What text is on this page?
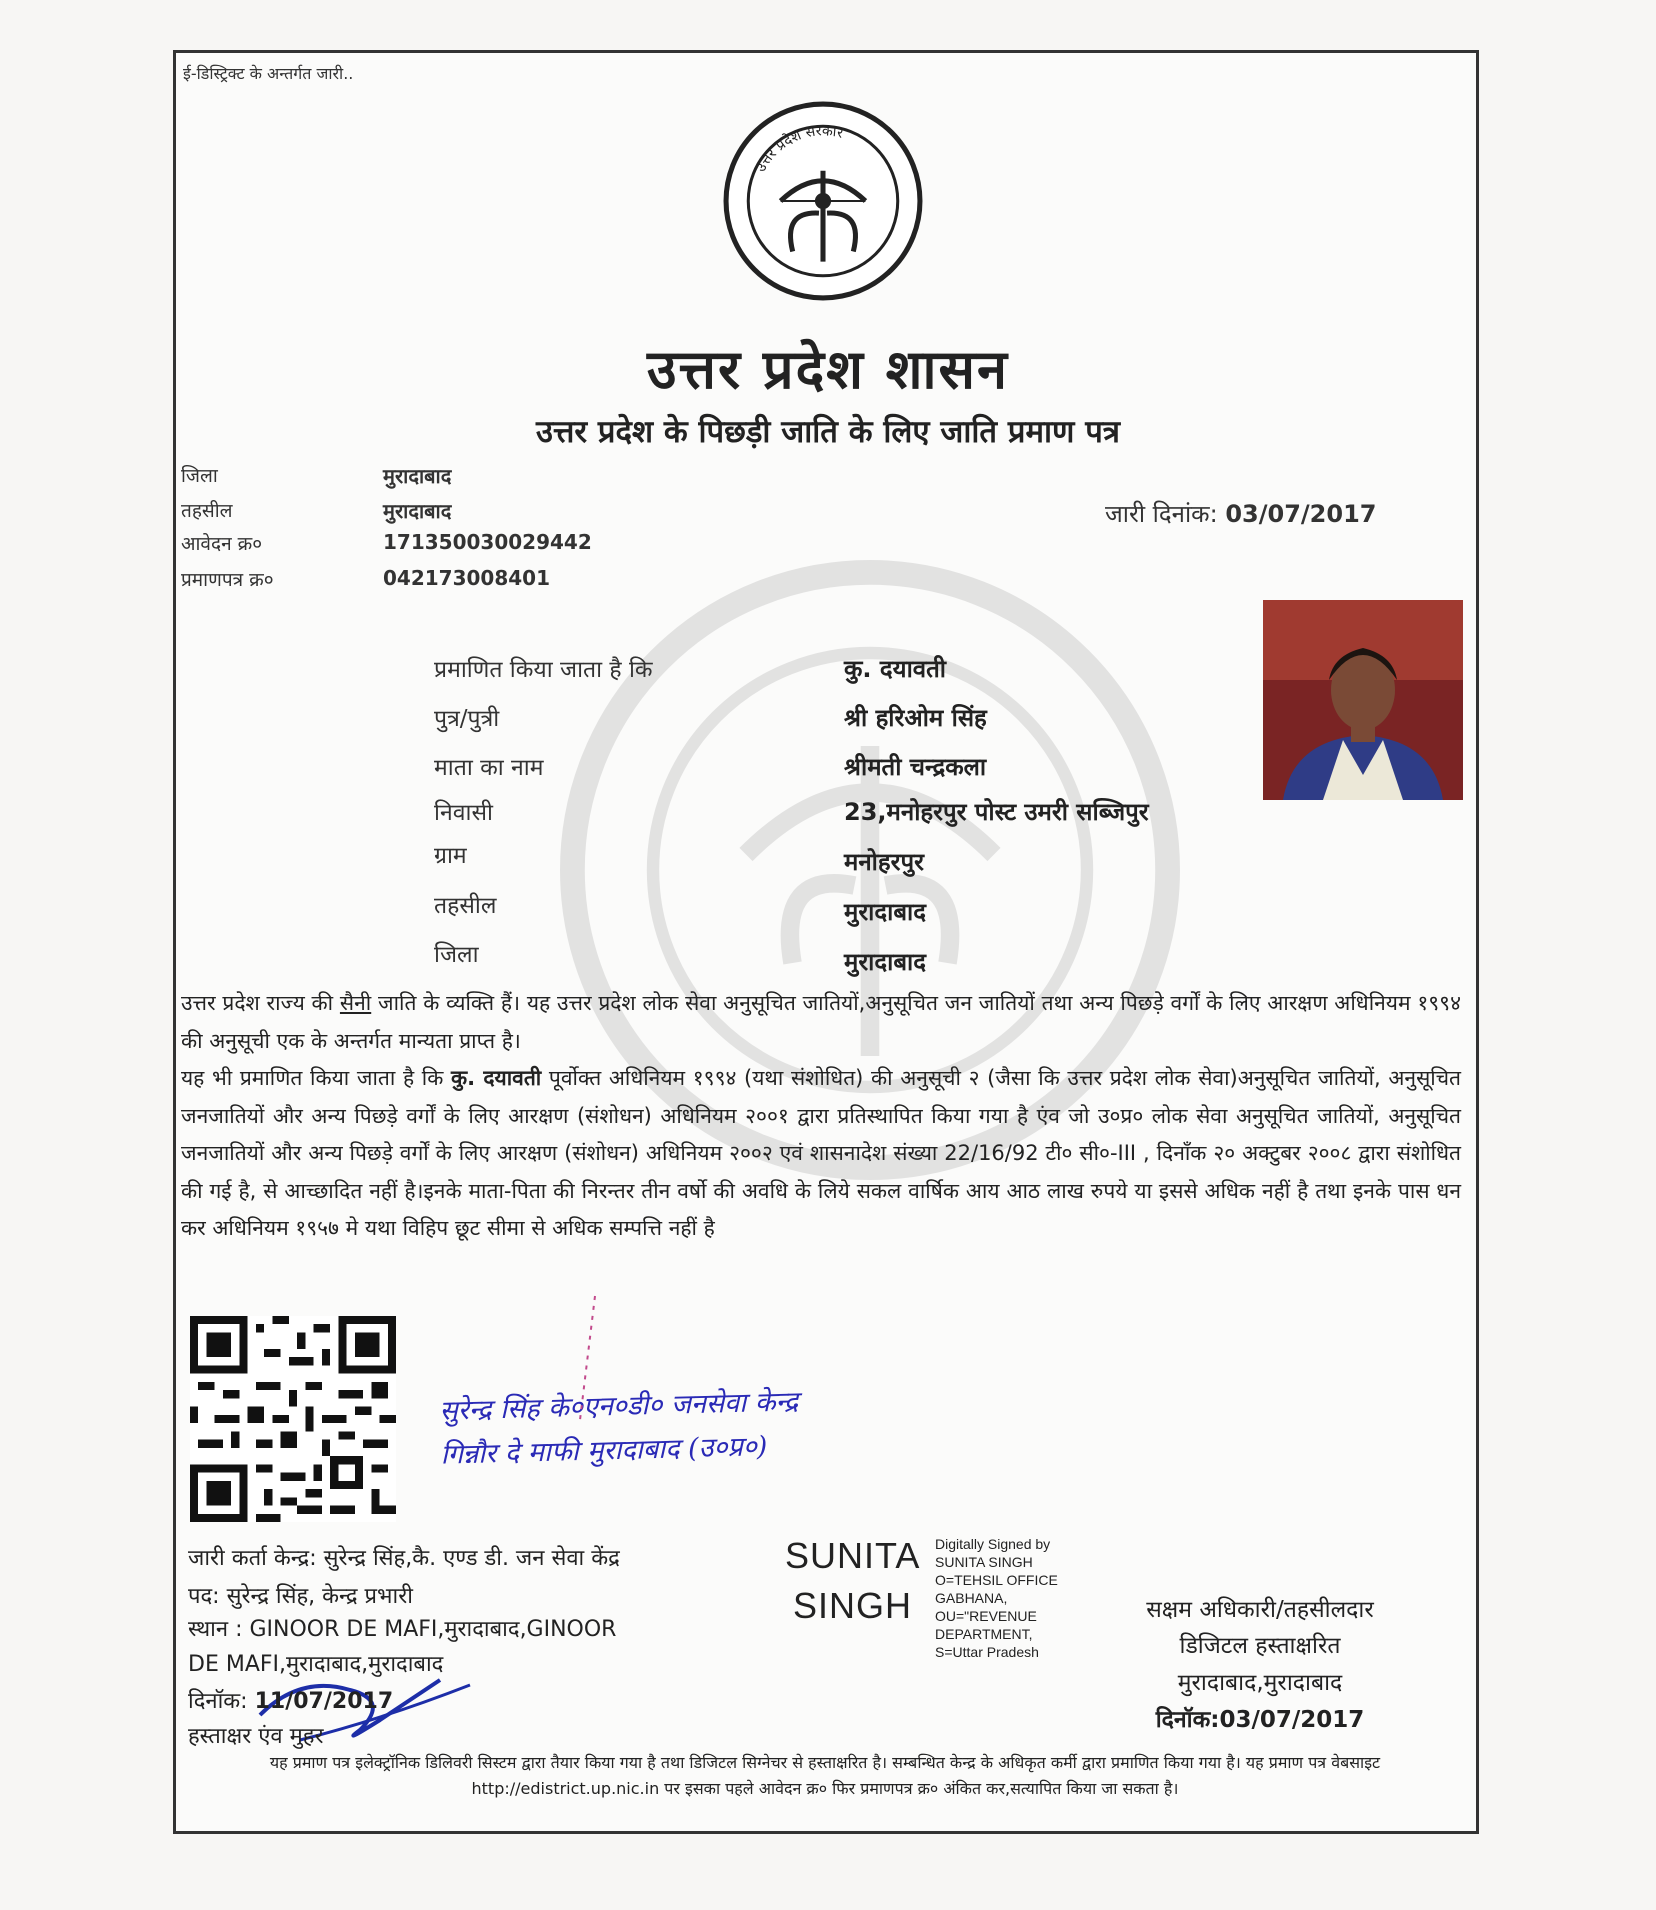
ई-डिस्ट्रिक्ट के अन्तर्गत जारी..
उत्तर प्रदेश सरकार
उत्तर प्रदेश शासन
उत्तर प्रदेश के पिछड़ी जाति के लिए जाति प्रमाण पत्र
जिला	मुरादाबाद
तहसील	मुरादाबाद
आवेदन क्र०	171350030029442
प्रमाणपत्र क्र०	042173008401
जारी दिनांक: 03/07/2017
प्रमाणित किया जाता है कि	कु. दयावती
पुत्र/पुत्री	श्री हरिओम सिंह
माता का नाम	श्रीमती चन्द्रकला
निवासी	23,मनोहरपुर पोस्ट उमरी सब्जिपुर
ग्राम	मनोहरपुर
तहसील	मुरादाबाद
जिला	मुरादाबाद
उत्तर प्रदेश राज्य की सैनी जाति के व्यक्ति हैं। यह उत्तर प्रदेश लोक सेवा अनुसूचित जातियों,अनुसूचित जन जातियों तथा अन्य पिछड़े वर्गों के लिए आरक्षण अधिनियम १९९४ की अनुसूची एक के अन्तर्गत मान्यता प्राप्त है।
यह भी प्रमाणित किया जाता है कि कु. दयावती पूर्वोक्त अधिनियम १९९४ (यथा संशोधित) की अनुसूची २ (जैसा कि उत्तर प्रदेश लोक सेवा)अनुसूचित जातियों, अनुसूचित जनजातियों और अन्य पिछड़े वर्गों के लिए आरक्षण (संशोधन) अधिनियम २००१ द्वारा प्रतिस्थापित किया गया है एंव जो उ०प्र० लोक सेवा अनुसूचित जातियों, अनुसूचित जनजातियों और अन्य पिछड़े वर्गों के लिए आरक्षण (संशोधन) अधिनियम २००२ एवं शासनादेश संख्या 22/16/92 टी० सी०-III , दिनाँक २० अक्टुबर २००८ द्वारा संशोधित की गई है, से आच्छादित नहीं है।इनके माता-पिता की निरन्तर तीन वर्षो की अवधि के लिये सकल वार्षिक आय आठ लाख रुपये या इससे अधिक नहीं है तथा इनके पास धन कर अधिनियम १९५७ मे यथा विहिप छूट सीमा से अधिक सम्पत्ति नहीं है
सुरेन्द्र सिंह के०एन०डी० जनसेवा केन्द्र
गिन्नौर दे माफी मुरादाबाद (उ०प्र०)
जारी कर्ता केन्द्र: सुरेन्द्र सिंह,कै. एण्ड डी. जन सेवा केंद्र
पद: सुरेन्द्र सिंह, केन्द्र प्रभारी
स्थान : GINOOR DE MAFI,मुरादाबाद,GINOOR
DE MAFI,मुरादाबाद,मुरादाबाद
दिनॉक: 11/07/2017
हस्ताक्षर एंव मुहर
SUNITA
SINGH
Digitally Signed by
SUNITA SINGH
O=TEHSIL OFFICE
GABHANA,
OU="REVENUE
DEPARTMENT,
S=Uttar Pradesh
सक्षम अधिकारी/तहसीलदार
डिजिटल हस्ताक्षरित
मुरादाबाद,मुरादाबाद
दिनॉक:03/07/2017
यह प्रमाण पत्र इलेक्ट्रॉनिक डिलिवरी सिस्टम द्वारा तैयार किया गया है तथा डिजिटल सिग्नेचर से हस्ताक्षरित है। सम्बन्धित केन्द्र के अधिकृत कर्मी द्वारा प्रमाणित किया गया है। यह प्रमाण पत्र वेबसाइट http://edistrict.up.nic.in पर इसका पहले आवेदन क्र० फिर प्रमाणपत्र क्र० अंकित कर,सत्यापित किया जा सकता है।
